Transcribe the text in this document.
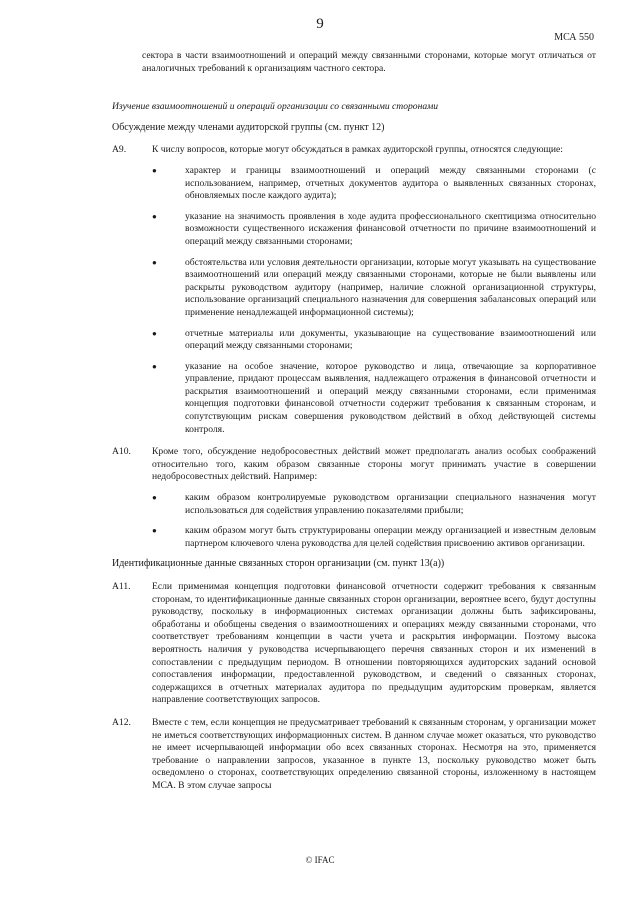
9
МСА 550

сектора в части взаимоотношений и операций между связанными сторонами, которые могут отличаться от аналогичных требований к организациям частного сектора.

Изучение взаимоотношений и операций организации со связанными сторонами

Обсуждение между членами аудиторской группы (см. пункт 12)

A9.	К числу вопросов, которые могут обсуждаться в рамках аудиторской группы, относятся следующие:

●	характер и границы взаимоотношений и операций между связанными сторонами (с использованием, например, отчетных документов аудитора о выявленных связанных сторонах, обновляемых после каждого аудита);
●	указание на значимость проявления в ходе аудита профессионального скептицизма относительно возможности существенного искажения финансовой отчетности по причине взаимоотношений и операций между связанными сторонами;
●	обстоятельства или условия деятельности организации, которые могут указывать на существование взаимоотношений или операций между связанными сторонами, которые не были выявлены или раскрыты руководством аудитору (например, наличие сложной организационной структуры, использование организаций специального назначения для совершения забалансовых операций или применение ненадлежащей информационной системы);
●	отчетные материалы или документы, указывающие на существование взаимоотношений или операций между связанными сторонами;
●	указание на особое значение, которое руководство и лица, отвечающие за корпоративное управление, придают процессам выявления, надлежащего отражения в финансовой отчетности и раскрытия взаимоотношений и операций между связанными сторонами, если применимая концепция подготовки финансовой отчетности содержит требования к связанным сторонам, и сопутствующим рискам совершения руководством действий в обход действующей системы контроля.
A10.	Кроме того, обсуждение недобросовестных действий может предполагать анализ особых соображений относительно того, каким образом связанные стороны могут принимать участие в совершении недобросовестных действий. Например:

●	каким образом контролируемые руководством организации специального назначения могут использоваться для содействия управлению показателями прибыли;
●	каким образом могут быть структурированы операции между организацией и известным деловым партнером ключевого члена руководства для целей содействия присвоению активов организации.

Идентификационные данные связанных сторон организации (см. пункт 13(а))

A11.	Если применимая концепция подготовки финансовой отчетности содержит требования к связанным сторонам, то идентификационные данные связанных сторон организации, вероятнее всего, будут доступны руководству, поскольку в информационных системах организации должны быть зафиксированы, обработаны и обобщены сведения о взаимоотношениях и операциях между связанными сторонами, что соответствует требованиям концепции в части учета и раскрытия информации. Поэтому высока вероятность наличия у руководства исчерпывающего перечня связанных сторон и их изменений в сопоставлении с предыдущим периодом. В отношении повторяющихся аудиторских заданий основой сопоставления информации, предоставленной руководством, и сведений о связанных сторонах, содержащихся в отчетных материалах аудитора по предыдущим аудиторским проверкам, является направление соответствующих запросов.

A12.	Вместе с тем, если концепция не предусматривает требований к связанным сторонам, у организации может не иметься соответствующих информационных систем. В данном случае может оказаться, что руководство не имеет исчерпывающей информации обо всех связанных сторонах. Несмотря на это, применяется требование о направлении запросов, указанное в пункте 13, поскольку руководство может быть осведомлено о сторонах, соответствующих определению связанной стороны, изложенному в настоящем МСА. В этом случае запросы

© IFAC
